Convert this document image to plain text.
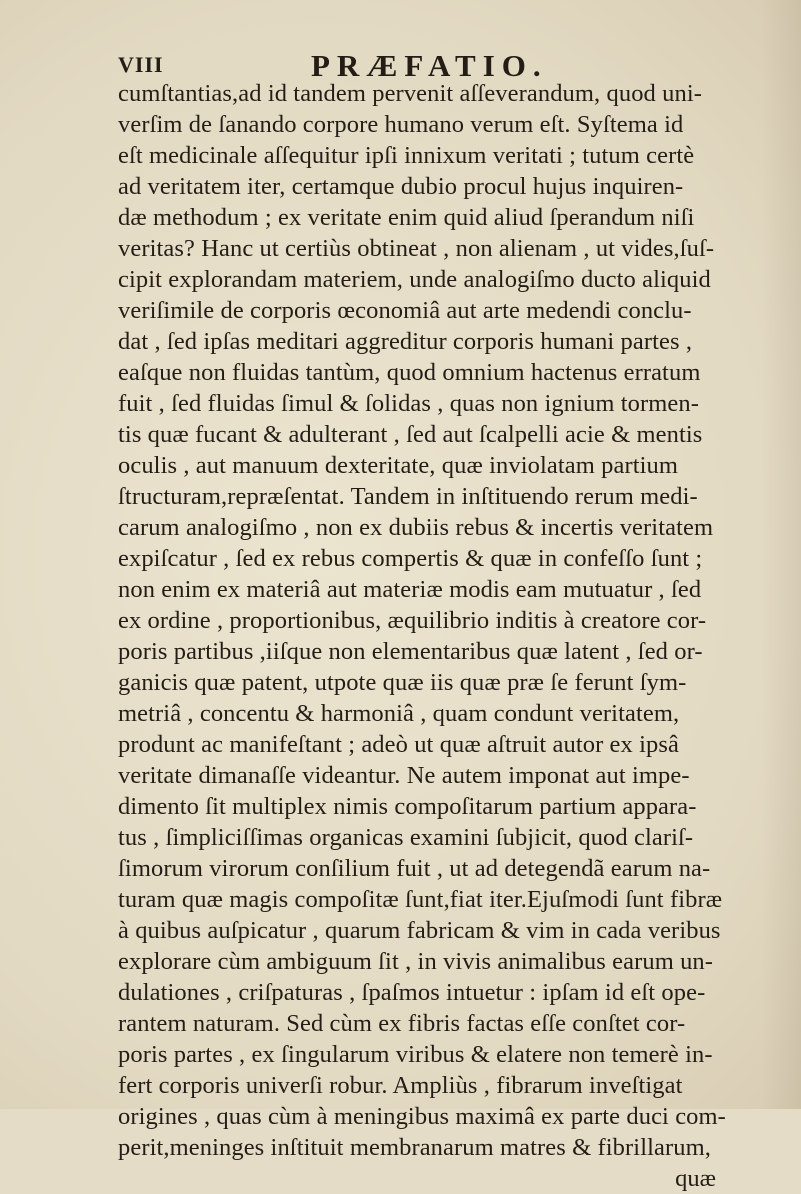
VIII	PRÆFATIO.
cumſtantias,ad id tandem pervenit aſſeverandum, quod uni-
verſim de ſanando corpore humano verum eſt. Syſtema id
eſt medicinale aſſequitur ipſi innixum veritati ; tutum certè
ad veritatem iter, certamque dubio procul hujus inquiren-
dæ methodum ; ex veritate enim quid aliud ſperandum niſi
veritas? Hanc ut certiùs obtineat , non alienam , ut vides,ſuſ-
cipit explorandam materiem, unde analogiſmo ductо aliquid
veriſimile de corporis œconomiâ aut arte medendi conclu-
dat , ſed ipſas meditari aggreditur corporis humani partes ,
eaſque non fluidas tantùm, quod omnium hactenus erratum
fuit , ſed fluidas ſimul & ſolidas , quas non ignium tormen-
tis quæ fucant & adulterant , ſed aut ſcalpelli acie & mentis
oculis , aut manuum dexteritate, quæ inviolatam partium
ſtructuram,repræſentat. Tandem in inſtituendo rerum medi-
carum analogiſmo , non ex dubiis rebus & incertis veritatem
expiſcatur , ſed ex rebus compertis & quæ in confeſſo ſunt ;
non enim ex materiâ aut materiæ modis eam mutuatur , ſed
ex ordine , proportionibus, æquilibrio inditis à creatore cor-
poris partibus ,iiſque non elementaribus quæ latent , ſed or-
ganicis quæ patent, utpote quæ iis quæ præ ſe ferunt ſym-
metriâ , concentu & harmoniâ , quam condunt veritatem,
produnt ac manifeſtant ; adeò ut quæ aſtruit autor ex ipsâ
veritate dimanaſſe videantur. Ne autem imponat aut impe-
dimento ſit multiplex nimis compoſitarum partium appara-
tus , ſimpliciſſimas organicas examini ſubjicit, quod clariſ-
ſimorum virorum conſilium fuit , ut ad detegendã earum na-
turam quæ magis compoſitæ ſunt,fiat iter.Ejuſmodi ſunt fibræ
à quibus auſpicatur , quarum fabricam & vim in cada veribus
explorare cùm ambiguum ſit , in vivis animalibus earum un-
dulationes , criſpaturas , ſpaſmos intuetur : ipſam id eſt ope-
rantem naturam. Sed cùm ex fibris factas eſſe conſtet cor-
poris partes , ex ſingularum viribus & elatere non temerè in-
fert corporis univerſi robur. Ampliùs , fibrarum inveſtigat
origines , quas cùm à meningibus maximâ ex parte duci com-
perit,meninges inſtituit membranarum matres & fibrillarum,
quæ
